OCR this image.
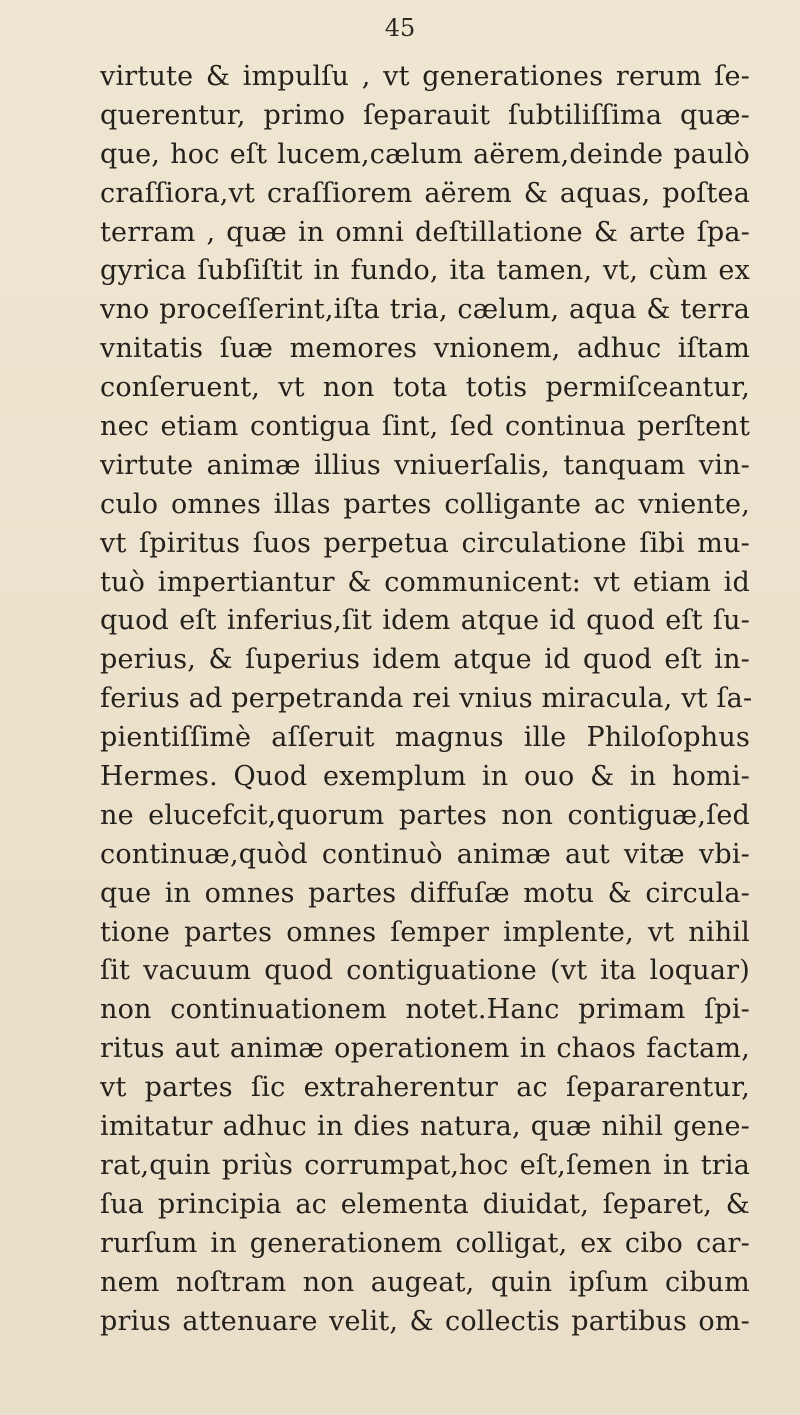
45
virtute & impulſu , vt generationes rerum ſe-
querentur, primo ſeparauit ſubtiliſſima quæ-
que, hoc eſt lucem,cælum aërem,deinde paulò
craſſiora,vt craſſiorem aërem & aquas, poſtea
terram , quæ in omni deſtillatione & arte ſpa-
gyrica ſubſiſtit in fundo, ita tamen, vt, cùm ex
vno proceſſerint,iſta tria, cælum, aqua & terra
vnitatis ſuæ memores vnionem, adhuc iſtam
conſeruent, vt non tota totis permiſceantur,
nec etiam contigua ſint, ſed continua perſtent
virtute animæ illius vniuerſalis, tanquam vin-
culo omnes illas partes colligante ac vniente,
vt ſpiritus ſuos perpetua circulatione ſibi mu-
tuò impertiantur & communicent: vt etiam id
quod eſt inferius,ſit idem atque id quod eſt ſu-
perius, & ſuperius idem atque id quod eſt in-
ferius ad perpetranda rei vnius miracula, vt ſa-
pientiſſimè aſſeruit magnus ille Philoſophus
Hermes. Quod exemplum in ouo & in homi-
ne elucefcit,quorum partes non contiguæ,ſed
continuæ,quòd continuò animæ aut vitæ vbi-
que in omnes partes diffuſæ motu & circula-
tione partes omnes ſemper implente, vt nihil
ſit vacuum quod contiguatione (vt ita loquar)
non continuationem notet.Hanc primam ſpi-
ritus aut animæ operationem in chaos factam,
vt partes ſic extraherentur ac ſepararentur,
imitatur adhuc in dies natura, quæ nihil gene-
rat,quin priùs corrumpat,hoc eſt,ſemen in tria
ſua principia ac elementa diuidat, ſeparet, &
rurſum in generationem colligat, ex cibo car-
nem noſtram non augeat, quin ipſum cibum
prius attenuare velit, & collectis partibus om-
